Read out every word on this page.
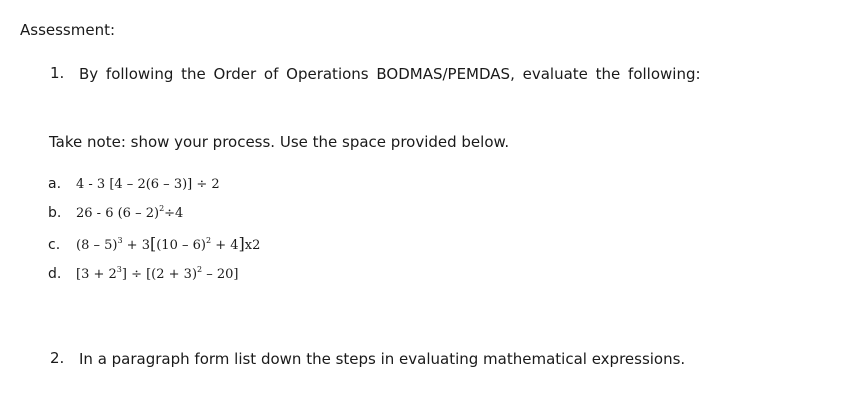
Assessment:
1. By following the Order of Operations BODMAS/PEMDAS, evaluate the following:
Take note: show your process. Use the space provided below.
a. 4 - 3 [4 – 2(6 – 3)] ÷ 2
b. 26 - 6 (6 – 2)$^2$÷4
c. (8 – 5)$^3$ + 3[(10 – 6)$^2$ + 4]x2
d. $[3 + 2^3] \div [(2 + 3)^2 - 20]$
2. In a paragraph form list down the steps in evaluating mathematical expressions.
